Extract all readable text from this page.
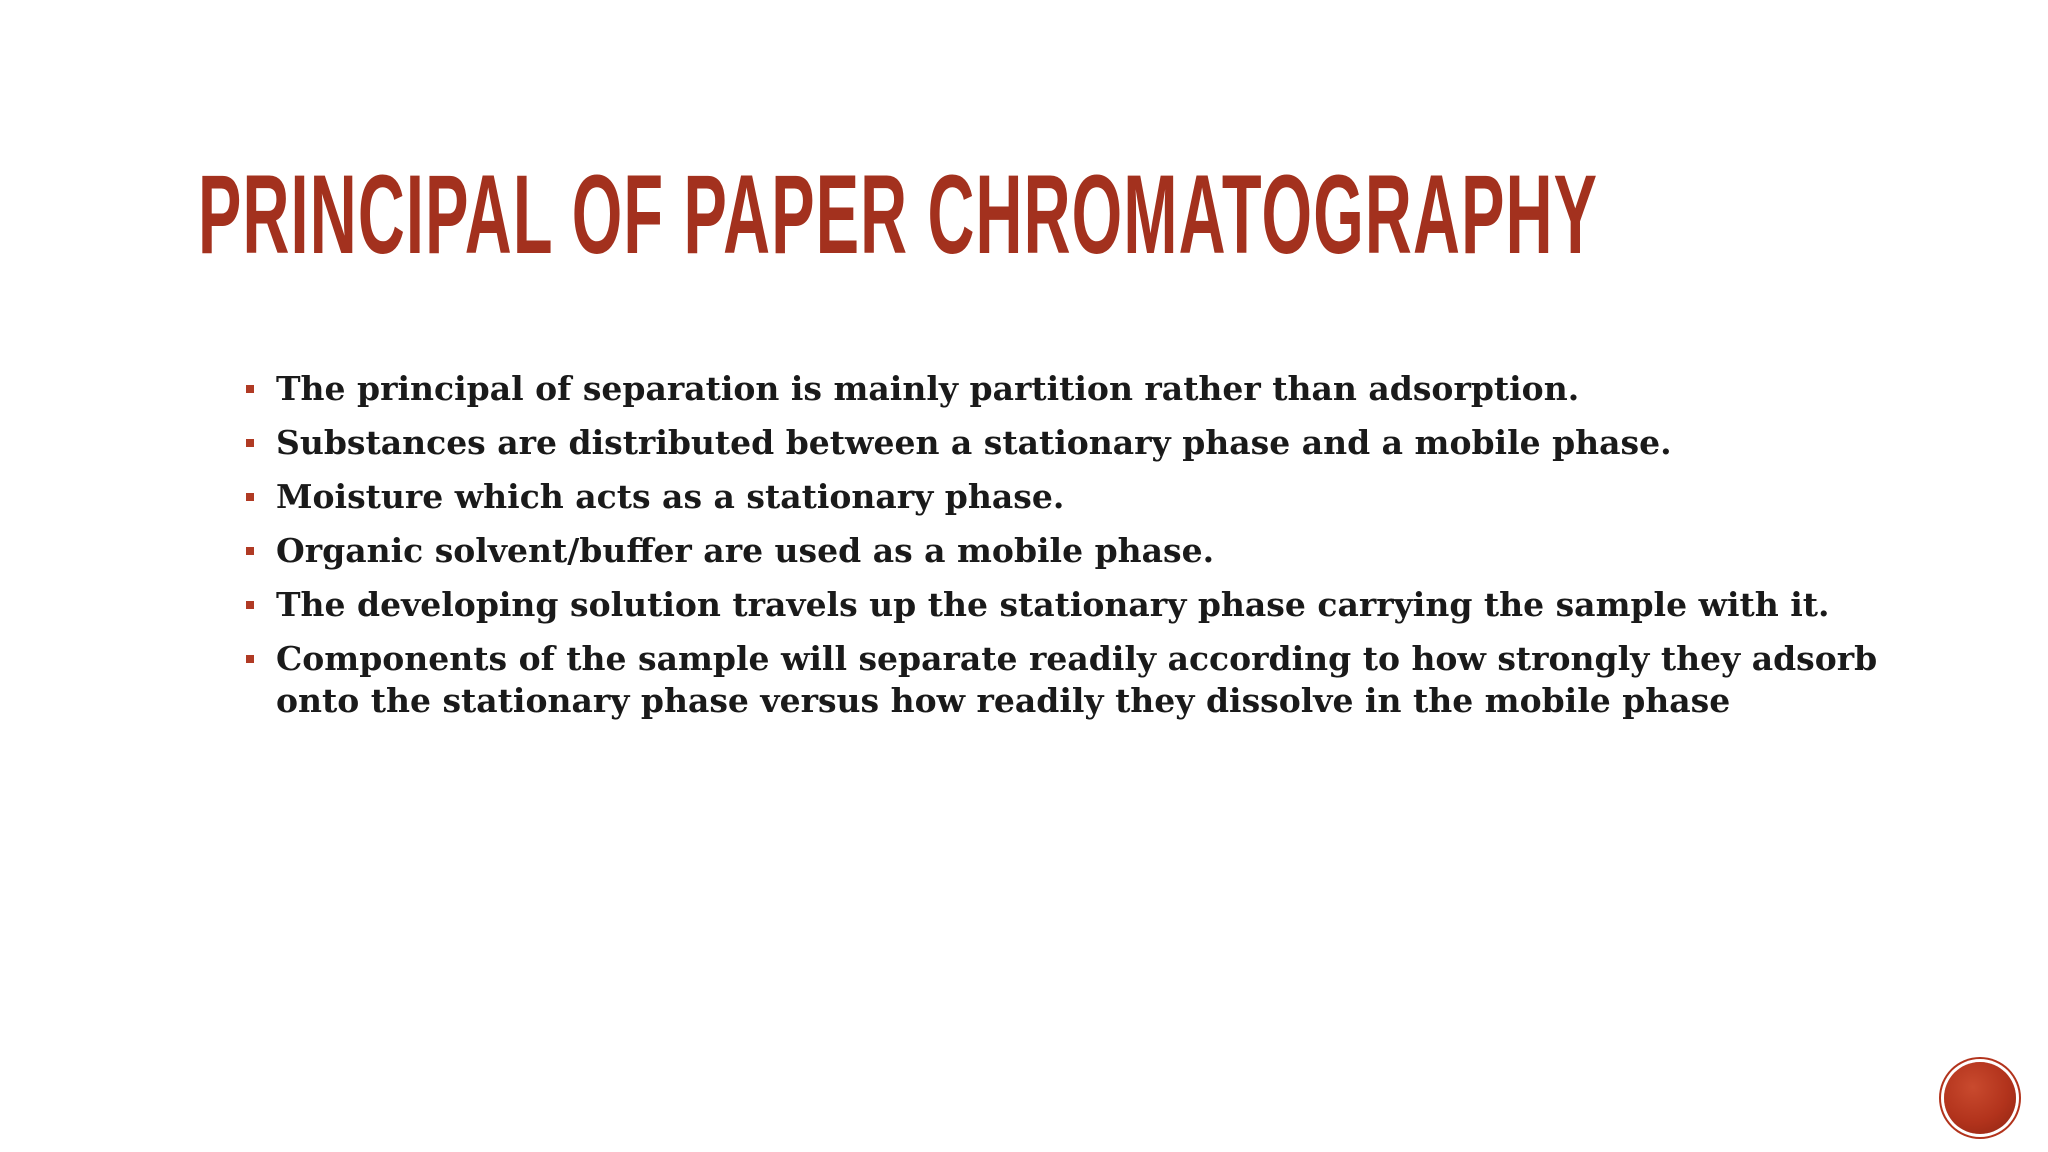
PRINCIPAL OF PAPER CHROMATOGRAPHY
The principal of separation is mainly partition rather than adsorption.
Substances are distributed between a stationary phase and a mobile phase.
Moisture which acts as a stationary phase.
Organic solvent/buffer are used as a mobile phase.
The developing solution travels up the stationary phase carrying the sample with it.
Components of the sample will separate readily according to how strongly they adsorb onto the stationary phase versus how readily they dissolve in the mobile phase
